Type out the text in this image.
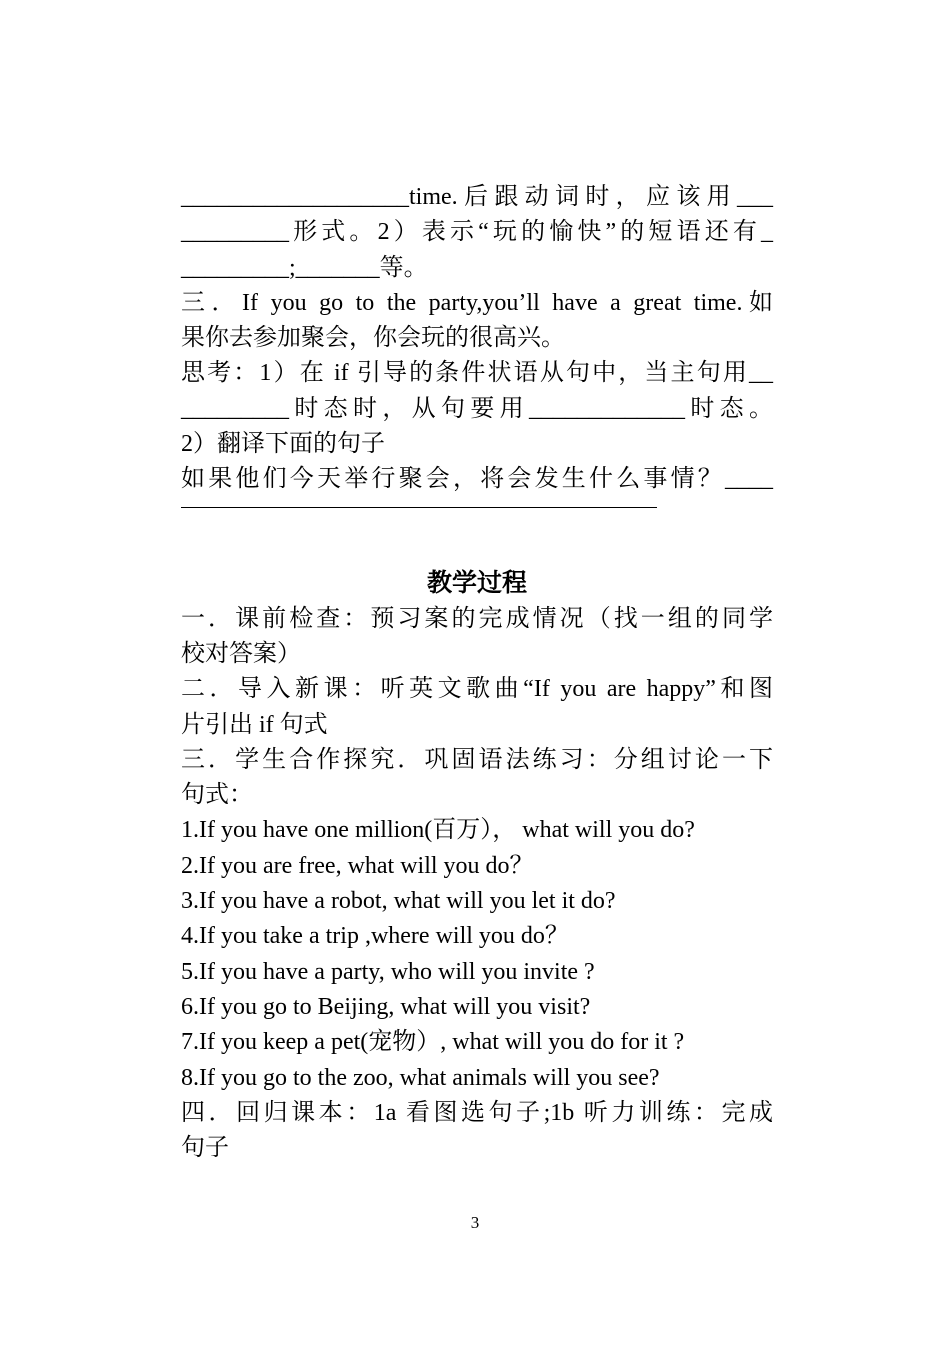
___________________time.后跟动词时，应该用___
_________形式。2）表示“玩的愉快”的短语还有_
_________;_______等。
三．If you go to the party,you’ll have a great time.如
果你去参加聚会，你会玩的很高兴。
思考：1）在 if 引导的条件状语从句中，当主句用__
_________时态时，从句要用_____________时态。
2）翻译下面的句子
如果他们今天举行聚会，将会发生什么事情？____
教学过程
一．课前检查：预习案的完成情况（找一组的同学
校对答案）
二．导入新课：听英文歌曲“If you are happy”和图
片引出 if 句式
三．学生合作探究．巩固语法练习：分组讨论一下
句式：
1.If you have one million(百万）， what will you do?
2.If you are free, what will you do？
3.If you have a robot, what will you let it do?
4.If you take a trip ,where will you do？
5.If you have a party, who will you invite ?
6.If you go to Beijing, what will you visit?
7.If you keep a pet(宠物）, what will you do for it ?
8.If you go to the zoo, what animals will you see?
四．回归课本：1a 看图选句子;1b 听力训练：完成
句子
3
